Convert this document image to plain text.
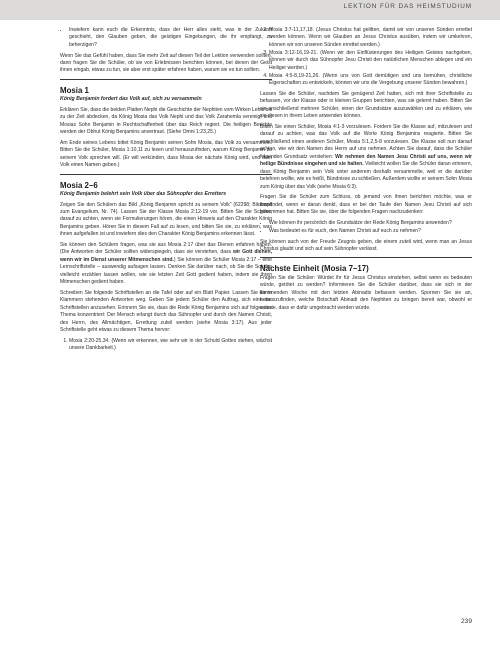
LEKTION FÜR DAS HEIMSTUDIUM
• Inwiefern kann euch die Erkenntnis, dass der Herr alles sieht, was in der Zukunft geschieht, den Glauben geben, die geistigen Eingebungen, die ihr empfangt, zu beherzigen?

Wenn Sie das Gefühl haben, dass Sie mehr Zeit auf diesen Teil der Lektion verwenden sollten, dann fragen Sie die Schüler, ob sie von Erlebnissen berichten können, bei denen der Geist ihnen eingab, etwas zu tun, sie aber erst später erfahren haben, warum sie es tun sollten.

Mosia 1
König Benjamin fordert das Volk auf, sich zu versammeln

Erklären Sie, dass die beiden Platten Nephi die Geschichte der Nephiten vom Wirken Lehis bis zu der Zeit abdecken, da König Mosia das Volk Nephi und das Volk Zarahemla vereinigt und Mosias Sohn Benjamin in Rechtschaffenheit über das Reich regiert. Die heiligen Berichte werden der Obhut König Benjamins anvertraut. (Siehe Omni 1:23,25.)

Am Ende seines Lebens bittet König Benjamin seinen Sohn Mosia, das Volk zu versammeln. Bitten Sie die Schüler, Mosia 1:10,11 zu lesen und herauszufinden, warum König Benjamin zu seinem Volk sprechen will. (Er will verkünden, dass Mosia der nächste König wird, und dem Volk einen Namen geben.)

Mosia 2–6
König Benjamin belehrt sein Volk über das Sühnopfer des Erretters

Zeigen Sie den Schülern das Bild „König Benjamin spricht zu seinem Volk“ (62298; Bildband zum Evangelium, Nr. 74). Lassen Sie der Klasse Mosia 2:12-19 vor. Bitten Sie die Schüler, darauf zu achten, wenn sie Formulierungen hören, die einen Hinweis auf den Charakter König Benjamins geben. Hören Sie in diesem Fall auf zu lesen, und bitten Sie sie, zu erklären, was ihnen aufgefallen ist und inwiefern dies den Charakter König Benjamins erkennen lässt.

Sie können den Schülern fragen, was sie aus Mosia 2:17 über das Dienen erfahren haben. (Die Antworten der Schüler sollten widerspiegeln, dass sie verstehen, dass wir Gott dienen, wenn wir im Dienst unserer Mitmenschen sind.) Sie können die Schüler Mosia 2:17 – eine Lernschriftstelle – auswendig aufsagen lassen. Denken Sie darüber nach, ob Sie die Schüler vielleicht erzählen lassen wollen, wie sie letzten Zeit Gott gedient haben, indem sie ihren Mitmenschen gedient haben.

Schreiben Sie folgende Schriftstellen an die Tafel oder auf ein Blatt Papier. Lassen Sie die in Klammern stehenden Antworten weg. Geben Sie jedem Schüler den Auftrag, sich eine der Schriftstellen anzusehen. Erinnern Sie sie, dass die Rede König Benjamins sich auf folgendes Thema konzentriert: Der Mensch erlangt durch das Sühnopfer und durch den Namen Christi, des Herrn, des Allmächtigen, Errettung zuteil werden (siehe Mosia 3:17). Aus jeder Schriftstelle geht etwas zu diesem Thema hervor:

1. Mosia 2:20-25,34. (Wenn wir erkennen, wie sehr wir in der Schuld Gottes stehen, wächst unsere Dankbarkeit.)
2. Mosia 3:7-11,17,18. (Jesus Christus hat gelitten, damit wir von unseren Sünden errettet werden können. Wenn wir Glauben an Jesus Christus ausüben, indem wir umkehren, können wir von unseren Sünden errettet werden.)
3. Mosia 3:12-16,19-21. (Wenn wir den Einflüsterungen des Heiligen Geistes nachgeben, können wir durch das Sühnopfer Jesu Christi den natürlichen Menschen ablegen und ein Heiliger werden.)
4. Mosia 4:5-8,19-21,26. (Wenn uns von Gott demütigen und uns bemühen, christliche Eigenschaften zu entwickeln, können wir uns die Vergebung unserer Sünden bewahren.)

Lassen Sie die Schüler, nachdem Sie genügend Zeit hatten, sich mit ihrer Schriftstelle zu befassen, vor der Klasse oder in kleinen Gruppen berichten, was sie gelernt haben. Bitten Sie sie anschließend mehrere Schüler, einen der Grundsätze auszuwählen und zu erklären, wie sie diesen in ihrem Leben anwenden können.

Bitten Sie einen Schüler, Mosia 4:1-3 vorzulesen. Fordern Sie die Klasse auf, mitzulesen und darauf zu achten, was das Volk auf die Worte König Benjamins reagierte. Bitten Sie anschließend einen anderen Schüler, Mosia 5:1,2,5-8 vorzulesen. Die Klasse soll nun darauf achten, wie wir den Namen des Herrn auf uns nehmen. Achten Sie darauf, dass die Schüler folgenden Grundsatz verstehen: Wir nehmen den Namen Jesu Christi auf uns, wenn wir heilige Bündnisse eingehen und sie halten. Vielleicht wollen Sie die Schüler daran erinnern, dass König Benjamin sein Volk unter anderem deshalb versammelte, weil er die darüber belehren wollte, wie es heißt, Bündnisse zu schließen. Außerdem wollte er seinem Sohn Mosia zum König über das Volk (siehe Mosia 6:3).

Fragen Sie die Schüler zum Schluss, ob jemand von ihnen berichten möchte, was er empfindet, wenn er daran denkt, dass er bei der Taufe den Namen Jesu Christi auf sich genommen hat. Bitten Sie sie, über die folgenden Fragen nachzudenken:

• Wie können ihr persönlich die Grundsätze der Rede König Benjamins anwenden?
• Was bedeutet es für euch, den Namen Christi auf euch zu nehmen?

Sie können auch von der Freude Zeugnis geben, die einem zuteil wird, wenn man an Jesus Christus glaubt und sich auf sein Sühnopfer verlässt.

Nächste Einheit (Mosia 7–17)

Fragen Sie die Schüler: Würdet ihr für Jesus Christus einstehen, selbst wenn es bedeuten würde, getötet zu werden? Informieren Sie die Schüler darüber, dass sie sich in der kommenden Woche mit den letzten Abinadis befassen werden. Spornen Sie sie an, herauszufinden, welche Botschaft Abinadi den Nephiten zu bringen bereit war, obwohl er wusste, dass er dafür umgebracht werden würde.

239
